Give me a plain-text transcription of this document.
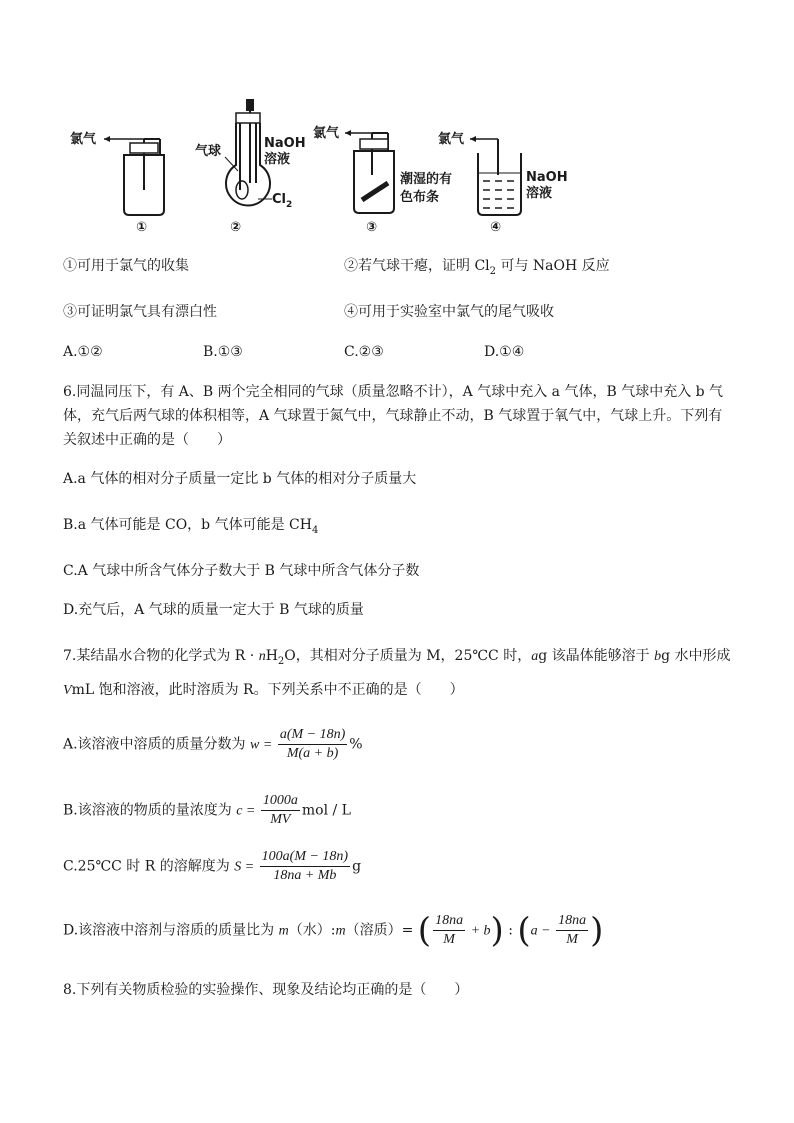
氯气
①
气球
NaOH
溶液
$Cl_2$
②
氯气
潮湿的有
色布条
③
氯气
NaOH
溶液
④
①可用于氯气的收集	②若气球干瘪，证明 $Cl_2$ 可与 NaOH 反应
③可证明氯气具有漂白性	④可用于实验室中氯气的尾气吸收
A.①②	B.①③	C.②③	D.①④
6.同温同压下，有 A、B 两个完全相同的气球（质量忽略不计），A 气球中充入 a 气体，B 气球中充入 b 气
体，充气后两气球的体积相等，A 气球置于氮气中，气球静止不动，B 气球置于氧气中，气球上升。下列有
关叙述中正确的是（　　）
A.a 气体的相对分子质量一定比 b 气体的相对分子质量大
B.a 气体可能是 CO，b 气体可能是 $CH_4$
C.A 气球中所含气体分子数大于 B 气球中所含气体分子数
D.充气后，A 气球的质量一定大于 B 气球的质量
7.某结晶水合物的化学式为 $R \cdot nH_2O$，其相对分子质量为 M，25℃C 时，ag 该晶体能够溶于 bg 水中形成
VmL 饱和溶液，此时溶质为 R。下列关系中不正确的是（　　）
A.该溶液中溶质的质量分数为 $w = \frac{a(M - 18n)}{M(a + b)}$ %
B.该溶液的物质的量浓度为 $c = \frac{1000a}{MV}$ mol / L
C.25℃C 时 R 的溶解度为 $S = \frac{100a(M - 18n)}{18na + Mb}$ g
D.该溶液中溶剂与溶质的质量比为 m（水）:m（溶质）= ( $\frac{18na}{M} + b$) : ($a - \frac{18na}{M}$ )
8.下列有关物质检验的实验操作、现象及结论均正确的是（　　）
